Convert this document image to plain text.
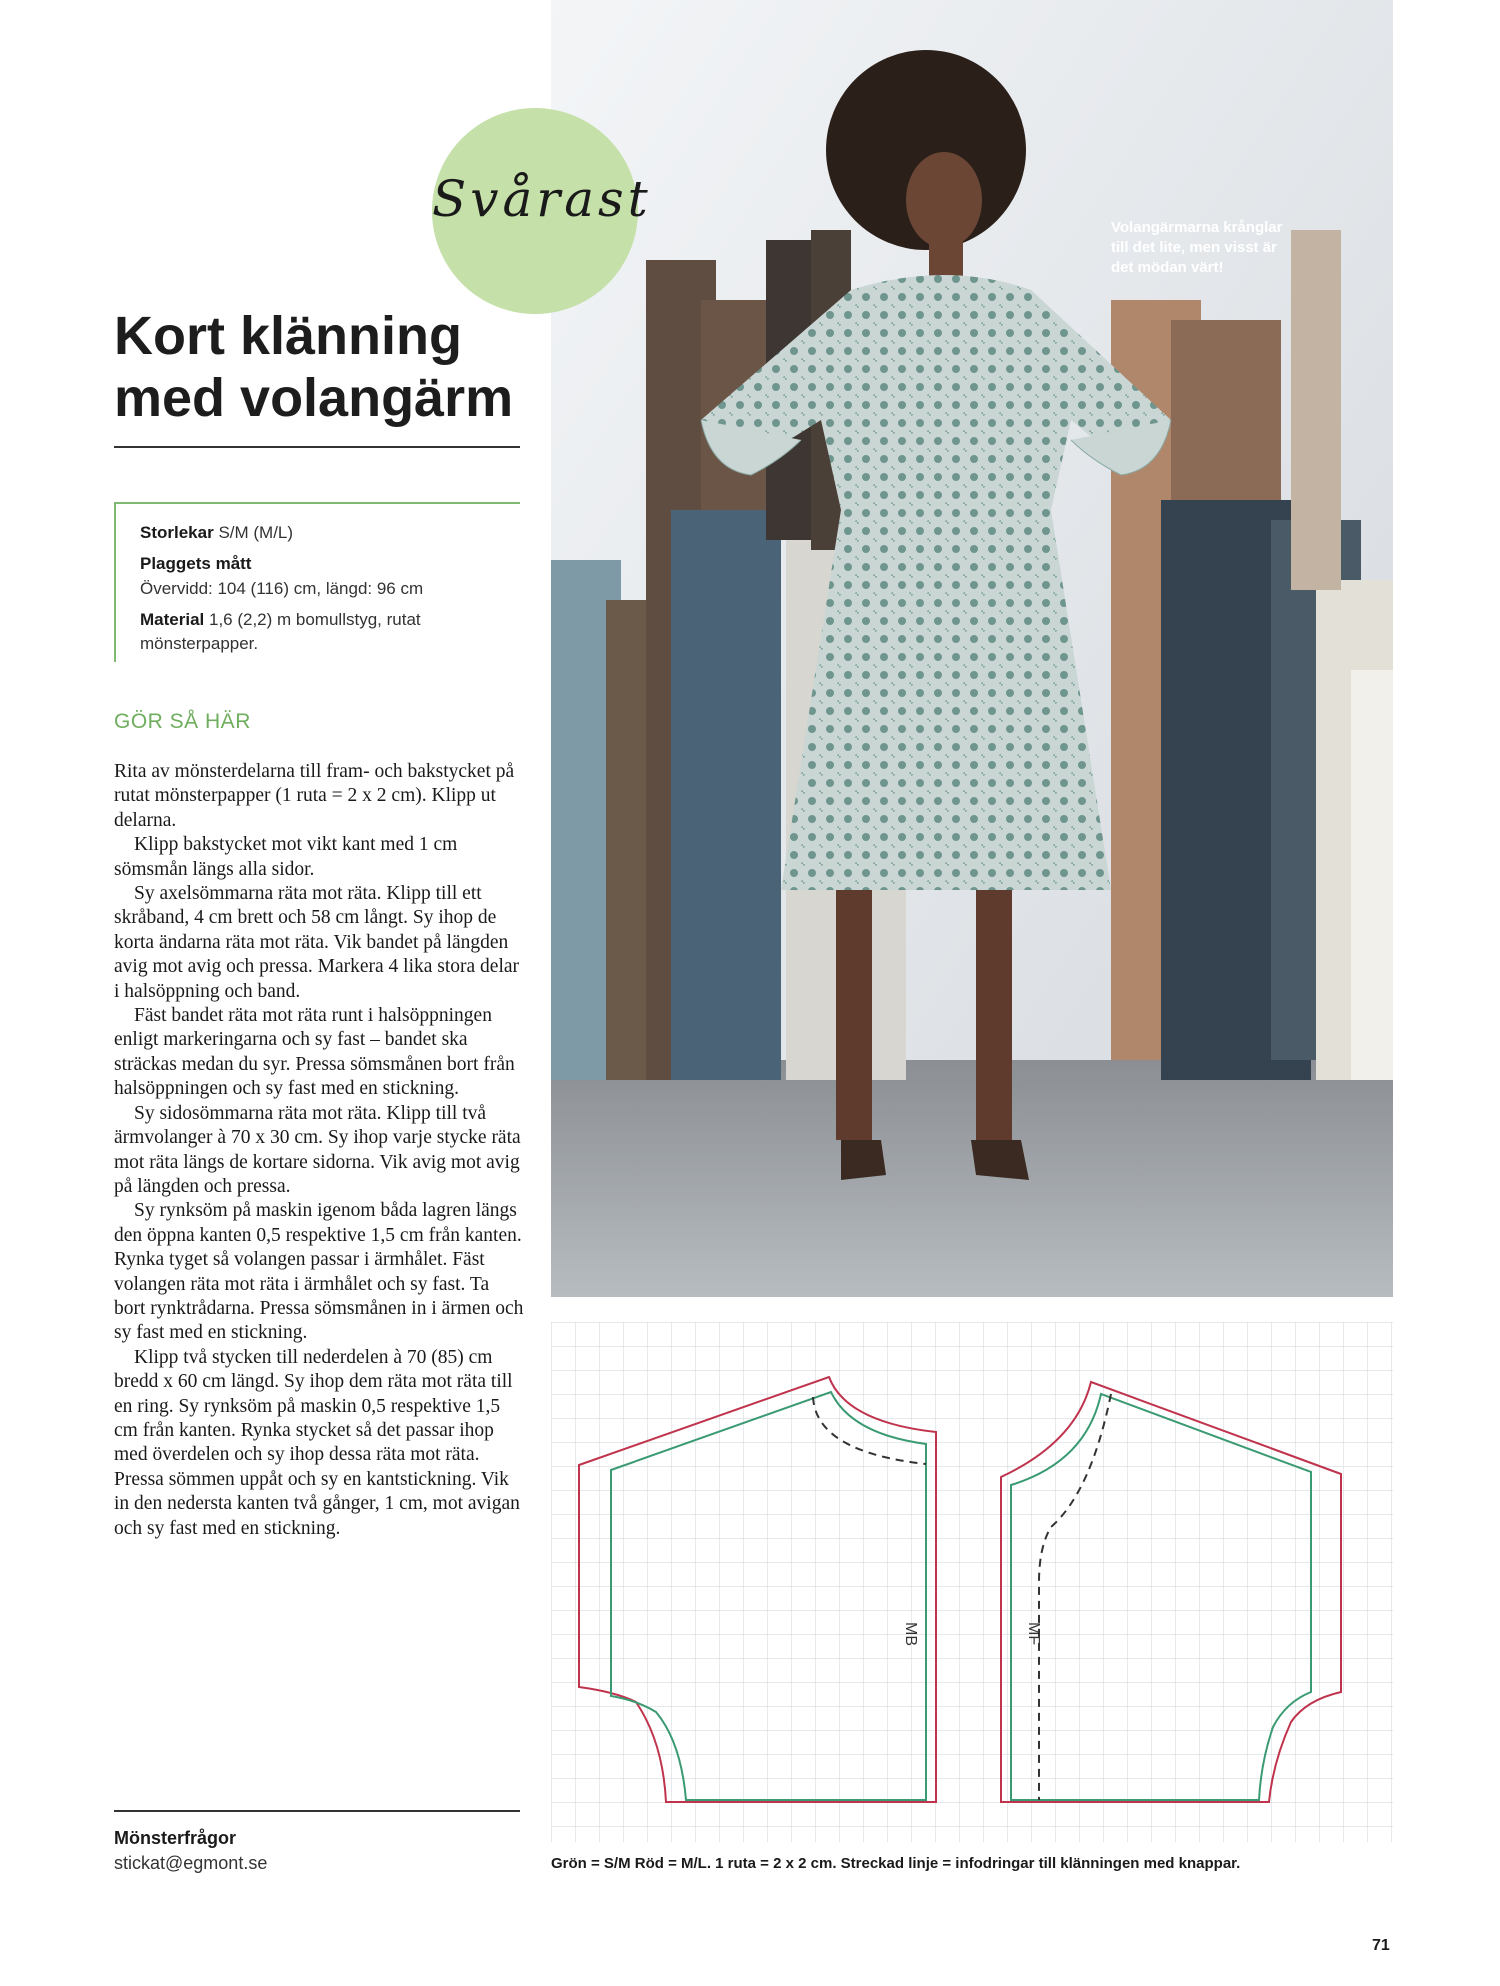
Volangärmarna krånglar
till det lite, men visst är
det mödan värt!
Svårast
Kort klänning
med volangärm
Storlekar S/M (M/L)
Plaggets mått
Övervidd: 104 (116) cm, längd: 96 cm
Material 1,6 (2,2) m bomullstyg, rutat
mönsterpapper.
GÖR SÅ HÄR

Rita av mönsterdelarna till fram- och bakstycket på rutat mönsterpapper (1 ruta = 2 x 2 cm). Klipp ut delarna.

Klipp bakstycket mot vikt kant med 1 cm sömsmån längs alla sidor.

Sy axelsömmarna räta mot räta. Klipp till ett skråband, 4 cm brett och 58 cm långt. Sy ihop de korta ändarna räta mot räta. Vik bandet på längden avig mot avig och pressa. Markera 4 lika stora delar i halsöppning och band.

Fäst bandet räta mot räta runt i halsöppningen enligt markeringarna och sy fast – bandet ska sträckas medan du syr. Pressa sömsmånen bort från halsöppningen och sy fast med en stickning.

Sy sidosömmarna räta mot räta. Klipp till två ärmvolanger à 70 x 30 cm. Sy ihop varje stycke räta mot räta längs de kortare sidorna. Vik avig mot avig på längden och pressa.

Sy rynksöm på maskin igenom båda lagren längs den öppna kanten 0,5 respektive 1,5 cm från kanten. Rynka tyget så volangen passar i ärmhålet. Fäst volangen räta mot räta i ärmhålet och sy fast. Ta bort rynktrådarna. Pressa sömsmånen in i ärmen och sy fast med en stickning.

Klipp två stycken till nederdelen à 70 (85) cm bredd x 60 cm längd. Sy ihop dem räta mot räta till en ring. Sy rynksöm på maskin 0,5 respektive 1,5 cm från kanten. Rynka stycket så det passar ihop med överdelen och sy ihop dessa räta mot räta. Pressa sömmen uppåt och sy en kantstickning. Vik in den nedersta kanten två gånger, 1 cm, mot avigan och sy fast med en stickning.

Mönsterfrågor
stickat@egmont.se
MB	MF
Grön = S/M Röd = M/L. 1 ruta = 2 x 2 cm. Streckad linje = infodringar till klänningen med knappar.
71
